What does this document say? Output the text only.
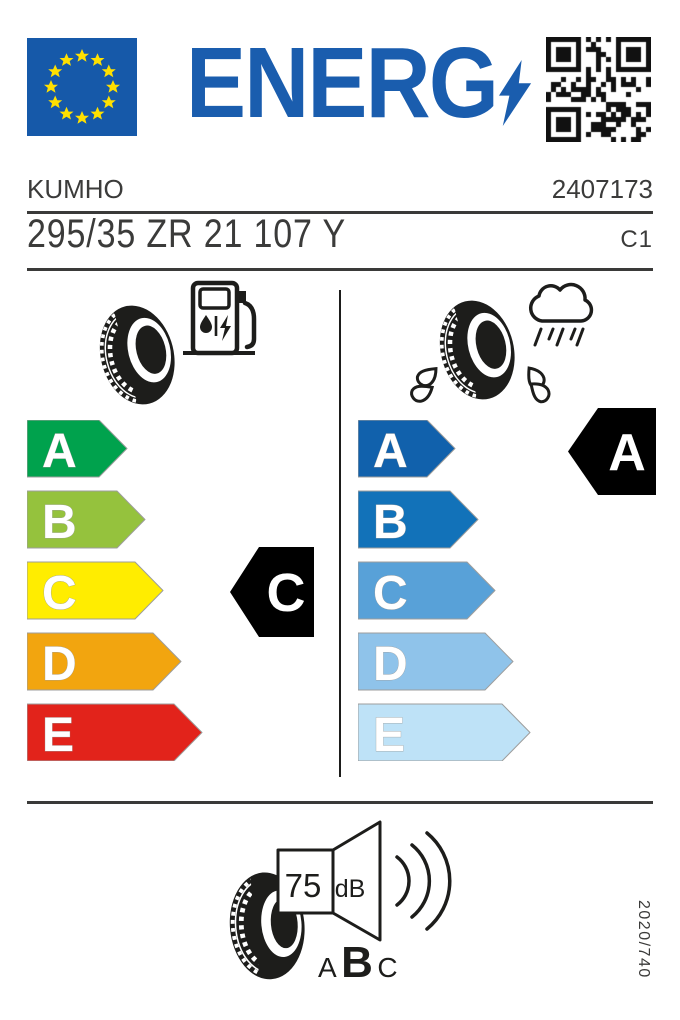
ENERG
KUMHO	2407173
295/35 ZR 21 107 Y	C1
A
B
C
D
E
C
A
B
C
D
E
A
75 dB
A B C	2020/740
